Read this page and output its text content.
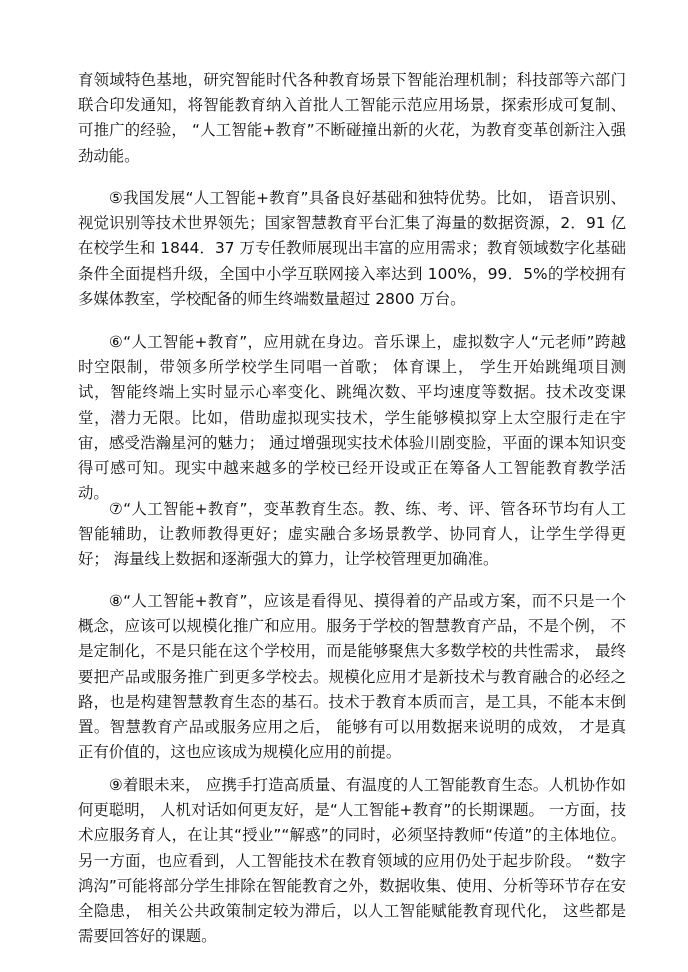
育领域特色基地，研究智能时代各种教育场景下智能治理机制；科技部等六部门联合印发通知，将智能教育纳入首批人工智能示范应用场景，探索形成可复制、可推广的经验， “人工智能+教育”不断碰撞出新的火花，为教育变革创新注入强劲动能。

⑤我国发展“人工智能+教育”具备良好基础和独特优势。比如， 语音识别、视觉识别等技术世界领先；国家智慧教育平台汇集了海量的数据资源，2．91 亿在校学生和 1844．37 万专任教师展现出丰富的应用需求；教育领域数字化基础条件全面提档升级，全国中小学互联网接入率达到 100%，99．5%的学校拥有多媒体教室，学校配备的师生终端数量超过 2800 万台。

⑥“人工智能+教育”，应用就在身边。音乐课上，虚拟数字人“元老师”跨越时空限制，带领多所学校学生同唱一首歌； 体育课上， 学生开始跳绳项目测试，智能终端上实时显示心率变化、跳绳次数、平均速度等数据。技术改变课堂，潜力无限。比如，借助虚拟现实技术，学生能够模拟穿上太空服行走在宇宙，感受浩瀚星河的魅力； 通过增强现实技术体验川剧变脸，平面的课本知识变得可感可知。现实中越来越多的学校已经开设或正在筹备人工智能教育教学活动。

⑦“人工智能+教育”，变革教育生态。教、练、考、评、管各环节均有人工智能辅助，让教师教得更好；虚实融合多场景教学、协同育人，让学生学得更好； 海量线上数据和逐渐强大的算力，让学校管理更加确准。

⑧“人工智能+教育”，应该是看得见、摸得着的产品或方案，而不只是一个概念，应该可以规模化推广和应用。服务于学校的智慧教育产品，不是个例， 不是定制化，不是只能在这个学校用，而是能够聚焦大多数学校的共性需求， 最终要把产品或服务推广到更多学校去。规模化应用才是新技术与教育融合的必经之路，也是构建智慧教育生态的基石。技术于教育本质而言，是工具，不能本末倒置。智慧教育产品或服务应用之后， 能够有可以用数据来说明的成效， 才是真正有价值的，这也应该成为规模化应用的前提。

⑨着眼未来， 应携手打造高质量、有温度的人工智能教育生态。人机协作如何更聪明， 人机对话如何更友好，是“人工智能+教育”的长期课题。 一方面，技术应服务育人，在让其“授业”“解惑”的同时，必须坚持教师“传道”的主体地位。另一方面，也应看到，人工智能技术在教育领域的应用仍处于起步阶段。 “数字鸿沟”可能将部分学生排除在智能教育之外，数据收集、使用、分析等环节存在安全隐患， 相关公共政策制定较为滞后，以人工智能赋能教育现代化， 这些都是需要回答好的课题。
